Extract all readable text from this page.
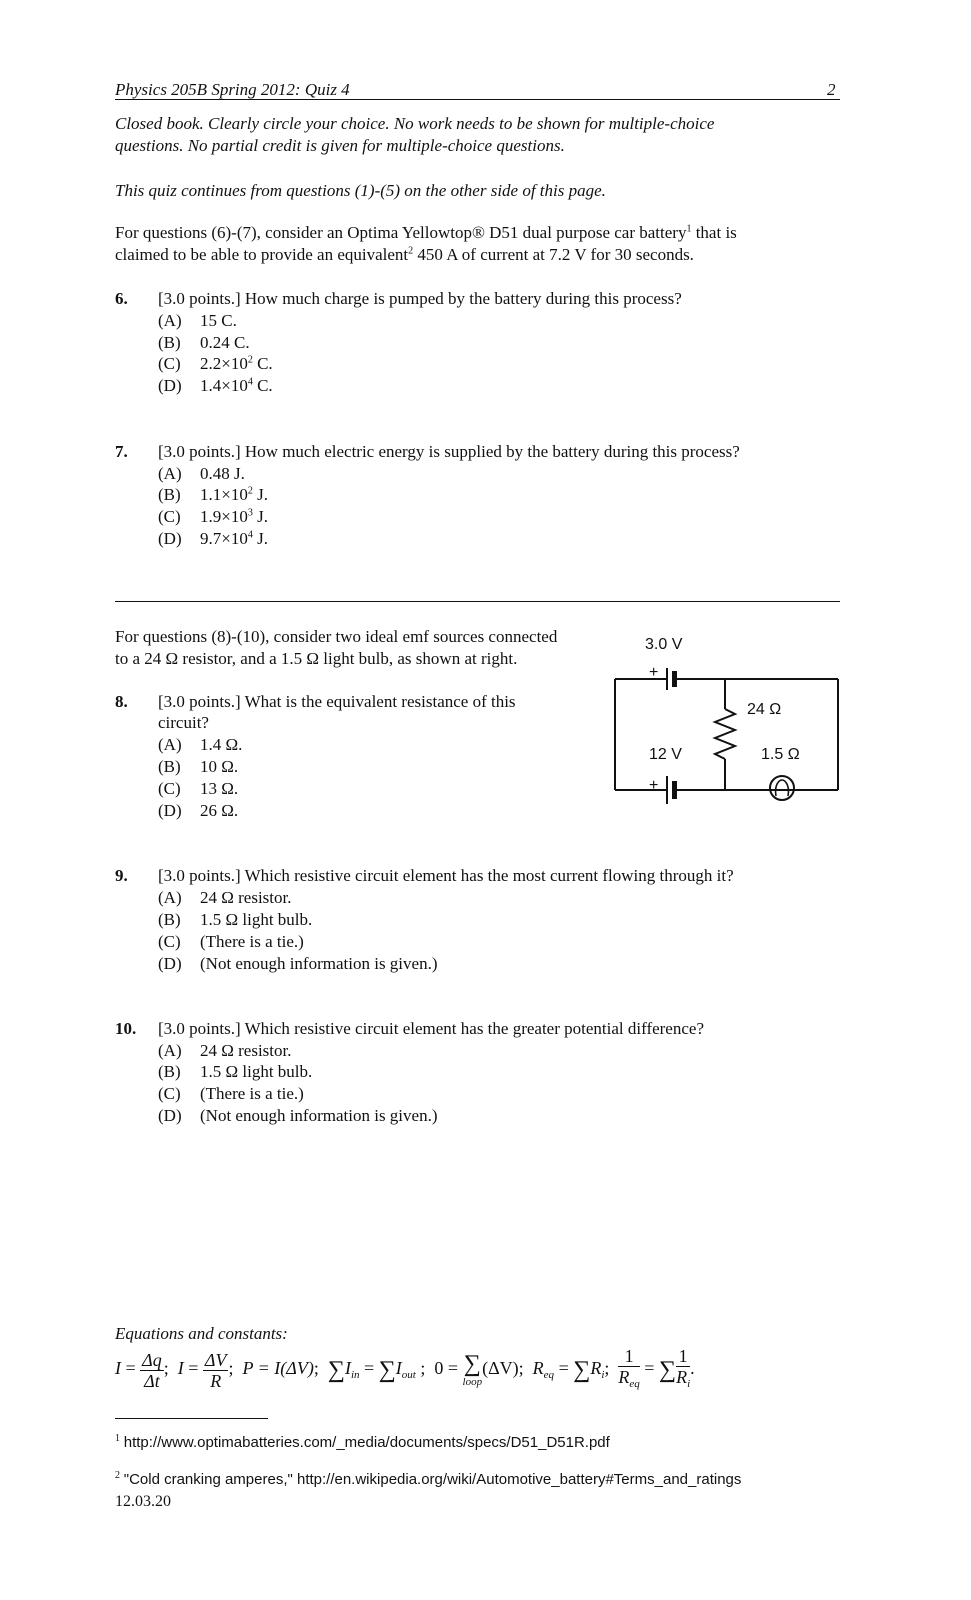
Physics 205B Spring 2012: Quiz 4	2
Closed book. Clearly circle your choice. No work needs to be shown for multiple-choice
questions. No partial credit is given for multiple-choice questions.
This quiz continues from questions (1)-(5) on the other side of this page.
For questions (6)-(7), consider an Optima Yellowtop® D51 dual purpose car battery$^1$ that is
claimed to be able to provide an equivalent$^2$ 450 A of current at 7.2 V for 30 seconds.
6. [3.0 points.] How much charge is pumped by the battery during this process?
(A) 15 C.
(B) 0.24 C.
(C) $2.2\times 10^2$ C.
(D) $1.4\times 10^4$ C.
7. [3.0 points.] How much electric energy is supplied by the battery during this process?
(A) 0.48 J.
(B) $1.1\times 10^2$ J.
(C) $1.9\times 10^3$ J.
(D) $9.7\times 10^4$ J.
For questions (8)-(10), consider two ideal emf sources connected
to a 24 Ω resistor, and a 1.5 Ω light bulb, as shown at right.
3.0 V
+
24 Ω
12 V	1.5 Ω
+
8. [3.0 points.] What is the equivalent resistance of this
circuit?
(A) 1.4 Ω.
(B) 10 Ω.
(C) 13 Ω.
(D) 26 Ω.
9. [3.0 points.] Which resistive circuit element has the most current flowing through it?
(A) 24 Ω resistor.
(B) 1.5 Ω light bulb.
(C) (There is a tie.)
(D) (Not enough information is given.)
10. [3.0 points.] Which resistive circuit element has the greater potential difference?
(A) 24 Ω resistor.
(B) 1.5 Ω light bulb.
(C) (There is a tie.)
(D) (Not enough information is given.)
Equations and constants:
$I = \frac{\Delta q}{\Delta t}$ ; $I = \frac{\Delta V}{R}$ ; P = I(ΔV); $\sum I_{in} = \sum I_{out}$ ; 0 = ∑
loop
(ΔV); $R_{eq} = \sum R_i$; $\frac{1}{R_{eq}}$ = ∑ $\frac{1}{R_i}$ .
$^1$ http://www.optimabatteries.com/_media/documents/specs/D51_D51R.pdf
$^2$ "Cold cranking amperes," http://en.wikipedia.org/wiki/Automotive_battery#Terms_and_ratings
12.03.20
